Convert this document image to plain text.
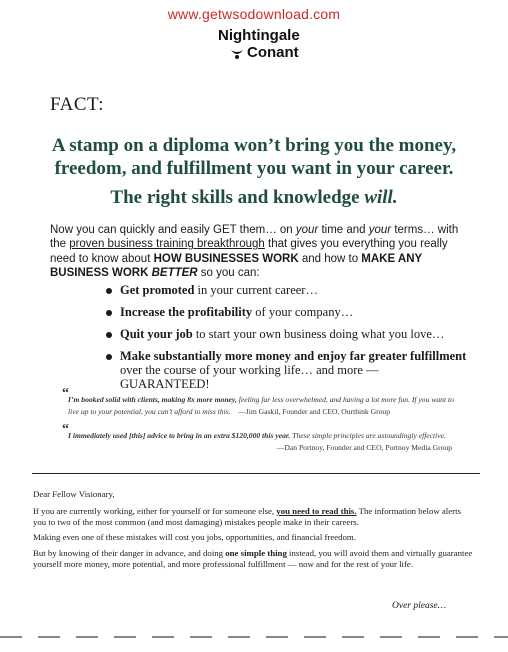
www.getwsodownload.com
Nightingale
Conant
FACT:
A stamp on a diploma won’t bring you the money, freedom, and fulfillment you want in your career.
The right skills and knowledge will.
Now you can quickly and easily GET them… on your time and your terms… with the proven business training breakthrough that gives you everything you really need to know about HOW BUSINESSES WORK and how to MAKE ANY BUSINESS WORK BETTER so you can:
Get promoted in your current career…
Increase the profitability of your company…
Quit your job to start your own business doing what you love…
Make substantially more money and enjoy far greater fulfillment over the course of your working life… and more — GUARANTEED!
“ I’m booked solid with clients, making 8x more money, feeling far less overwhelmed, and having a lot more fun. If you want to live up to your potential, you can’t afford to miss this. —Jim Gaskil, Founder and CEO, Ourthink Group
“ I immediately used [this] advice to bring in an extra $120,000 this year. These simple principles are astoundingly effective.
—Dan Portnoy, Founder and CEO, Portnoy Media Group
Dear Fellow Visionary,
If you are currently working, either for yourself or for someone else, you need to read this. The information below alerts you to two of the most common (and most damaging) mistakes people make in their careers.
Making even one of these mistakes will cost you jobs, opportunities, and financial freedom.
But by knowing of their danger in advance, and doing one simple thing instead, you will avoid them and virtually guarantee yourself more money, more potential, and more professional fulfillment — now and for the rest of your life.
Over please…
